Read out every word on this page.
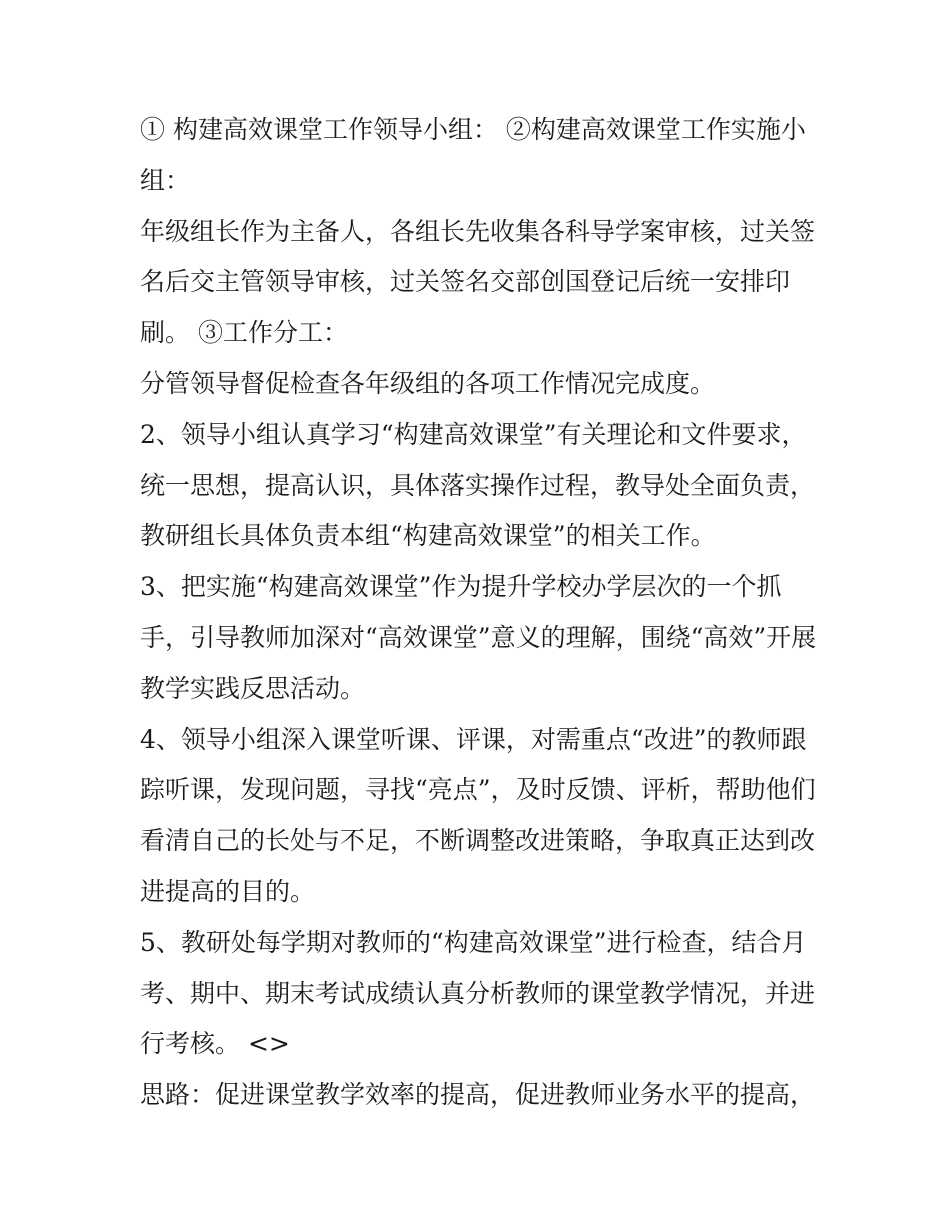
① 构建高效课堂工作领导小组： ②构建高效课堂工作实施小
组：
年级组长作为主备人，各组长先收集各科导学案审核，过关签
名后交主管领导审核，过关签名交部创国登记后统一安排印
刷。 ③工作分工：
分管领导督促检查各年级组的各项工作情况完成度。
2、领导小组认真学习“构建高效课堂”有关理论和文件要求，
统一思想，提高认识，具体落实操作过程，教导处全面负责，
教研组长具体负责本组“构建高效课堂”的相关工作。
3、把实施“构建高效课堂”作为提升学校办学层次的一个抓
手，引导教师加深对“高效课堂”意义的理解，围绕“高效”开展
教学实践反思活动。
4、领导小组深入课堂听课、评课，对需重点“改进”的教师跟
踪听课，发现问题，寻找“亮点”，及时反馈、评析，帮助他们
看清自己的长处与不足，不断调整改进策略，争取真正达到改
进提高的目的。
5、教研处每学期对教师的“构建高效课堂”进行检查，结合月
考、期中、期末考试成绩认真分析教师的课堂教学情况，并进
行考核。 <>
思路：促进课堂教学效率的提高，促进教师业务水平的提高，
